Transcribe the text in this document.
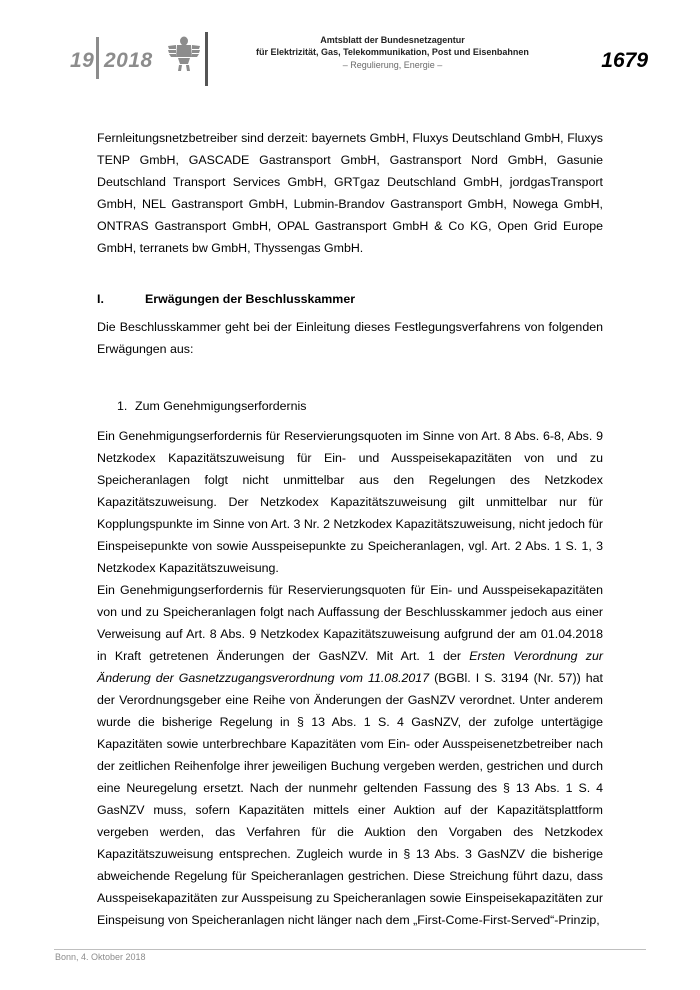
19 2018
Amtsblatt der Bundesnetzagentur
für Elektrizität, Gas, Telekommunikation, Post und Eisenbahnen
– Regulierung, Energie –	1679
Fernleitungsnetzbetreiber sind derzeit: bayernets GmbH, Fluxys Deutschland GmbH, Fluxys TENP GmbH, GASCADE Gastransport GmbH, Gastransport Nord GmbH, Gasunie Deutschland Transport Services GmbH, GRTgaz Deutschland GmbH, jordgasTransport GmbH, NEL Gastransport GmbH, Lubmin-Brandov Gastransport GmbH, Nowega GmbH, ONTRAS Gastransport GmbH, OPAL Gastransport GmbH & Co KG, Open Grid Europe GmbH, terranets bw GmbH, Thyssengas GmbH.
I.	Erwägungen der Beschlusskammer
Die Beschlusskammer geht bei der Einleitung dieses Festlegungsverfahrens von folgenden Erwägungen aus:
1. Zum Genehmigungserfordernis

Ein Genehmigungserfordernis für Reservierungsquoten im Sinne von Art. 8 Abs. 6-8, Abs. 9 Netzkodex Kapazitätszuweisung für Ein- und Ausspeisekapazitäten von und zu Speicheranlagen folgt nicht unmittelbar aus den Regelungen des Netzkodex Kapazitätszuweisung. Der Netzkodex Kapazitätszuweisung gilt unmittelbar nur für Kopplungspunkte im Sinne von Art. 3 Nr. 2 Netzkodex Kapazitätszuweisung, nicht jedoch für Einspeisepunkte von sowie Ausspeisepunkte zu Speicheranlagen, vgl. Art. 2 Abs. 1 S. 1, 3 Netzkodex Kapazitätszuweisung.

Ein Genehmigungserfordernis für Reservierungsquoten für Ein- und Ausspeisekapazitäten von und zu Speicheranlagen folgt nach Auffassung der Beschlusskammer jedoch aus einer Verweisung auf Art. 8 Abs. 9 Netzkodex Kapazitätszuweisung aufgrund der am 01.04.2018 in Kraft getretenen Änderungen der GasNZV. Mit Art. 1 der Ersten Verordnung zur Änderung der Gasnetzzugangsverordnung vom 11.08.2017 (BGBl. I S. 3194 (Nr. 57)) hat der Verordnungsgeber eine Reihe von Änderungen der GasNZV verordnet. Unter anderem wurde die bisherige Regelung in § 13 Abs. 1 S. 4 GasNZV, der zufolge untertägige Kapazitäten sowie unterbrechbare Kapazitäten vom Ein- oder Ausspeisenetzbetreiber nach der zeitlichen Reihenfolge ihrer jeweiligen Buchung vergeben werden, gestrichen und durch eine Neuregelung ersetzt. Nach der nunmehr geltenden Fassung des § 13 Abs. 1 S. 4 GasNZV muss, sofern Kapazitäten mittels einer Auktion auf der Kapazitätsplattform vergeben werden, das Verfahren für die Auktion den Vorgaben des Netzkodex Kapazitätszuweisung entsprechen. Zugleich wurde in § 13 Abs. 3 GasNZV die bisherige abweichende Regelung für Speicheranlagen gestrichen. Diese Streichung führt dazu, dass Ausspeisekapazitäten zur Ausspeisung zu Speicheranlagen sowie Einspeisekapazitäten zur Einspeisung von Speicheranlagen nicht länger nach dem „First-Come-First-Served“-Prinzip,

Bonn, 4. Oktober 2018
